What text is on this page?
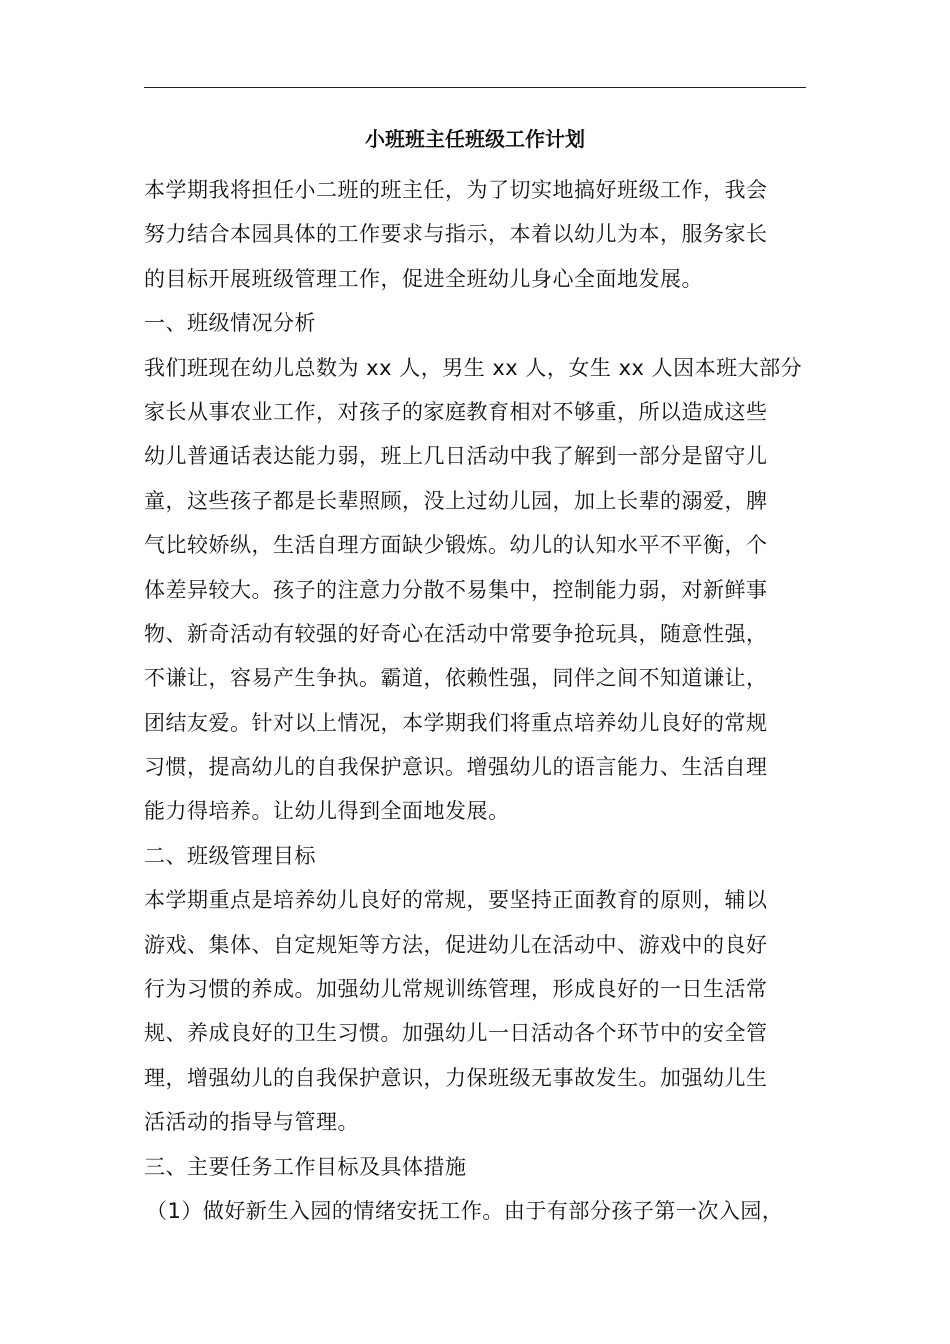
小班班主任班级工作计划
本学期我将担任小二班的班主任，为了切实地搞好班级工作，我会
努力结合本园具体的工作要求与指示，本着以幼儿为本，服务家长
的目标开展班级管理工作，促进全班幼儿身心全面地发展。
一、班级情况分析
我们班现在幼儿总数为 xx 人，男生 xx 人，女生 xx 人因本班大部分
家长从事农业工作，对孩子的家庭教育相对不够重，所以造成这些
幼儿普通话表达能力弱，班上几日活动中我了解到一部分是留守儿
童，这些孩子都是长辈照顾，没上过幼儿园，加上长辈的溺爱，脾
气比较娇纵，生活自理方面缺少锻炼。幼儿的认知水平不平衡，个
体差异较大。孩子的注意力分散不易集中，控制能力弱，对新鲜事
物、新奇活动有较强的好奇心在活动中常要争抢玩具，随意性强，
不谦让，容易产生争执。霸道，依赖性强，同伴之间不知道谦让，
团结友爱。针对以上情况，本学期我们将重点培养幼儿良好的常规
习惯，提高幼儿的自我保护意识。增强幼儿的语言能力、生活自理
能力得培养。让幼儿得到全面地发展。
二、班级管理目标
本学期重点是培养幼儿良好的常规，要坚持正面教育的原则，辅以
游戏、集体、自定规矩等方法，促进幼儿在活动中、游戏中的良好
行为习惯的养成。加强幼儿常规训练管理，形成良好的一日生活常
规、养成良好的卫生习惯。加强幼儿一日活动各个环节中的安全管
理，增强幼儿的自我保护意识，力保班级无事故发生。加强幼儿生
活活动的指导与管理。
三、主要任务工作目标及具体措施
（1）做好新生入园的情绪安抚工作。由于有部分孩子第一次入园，
